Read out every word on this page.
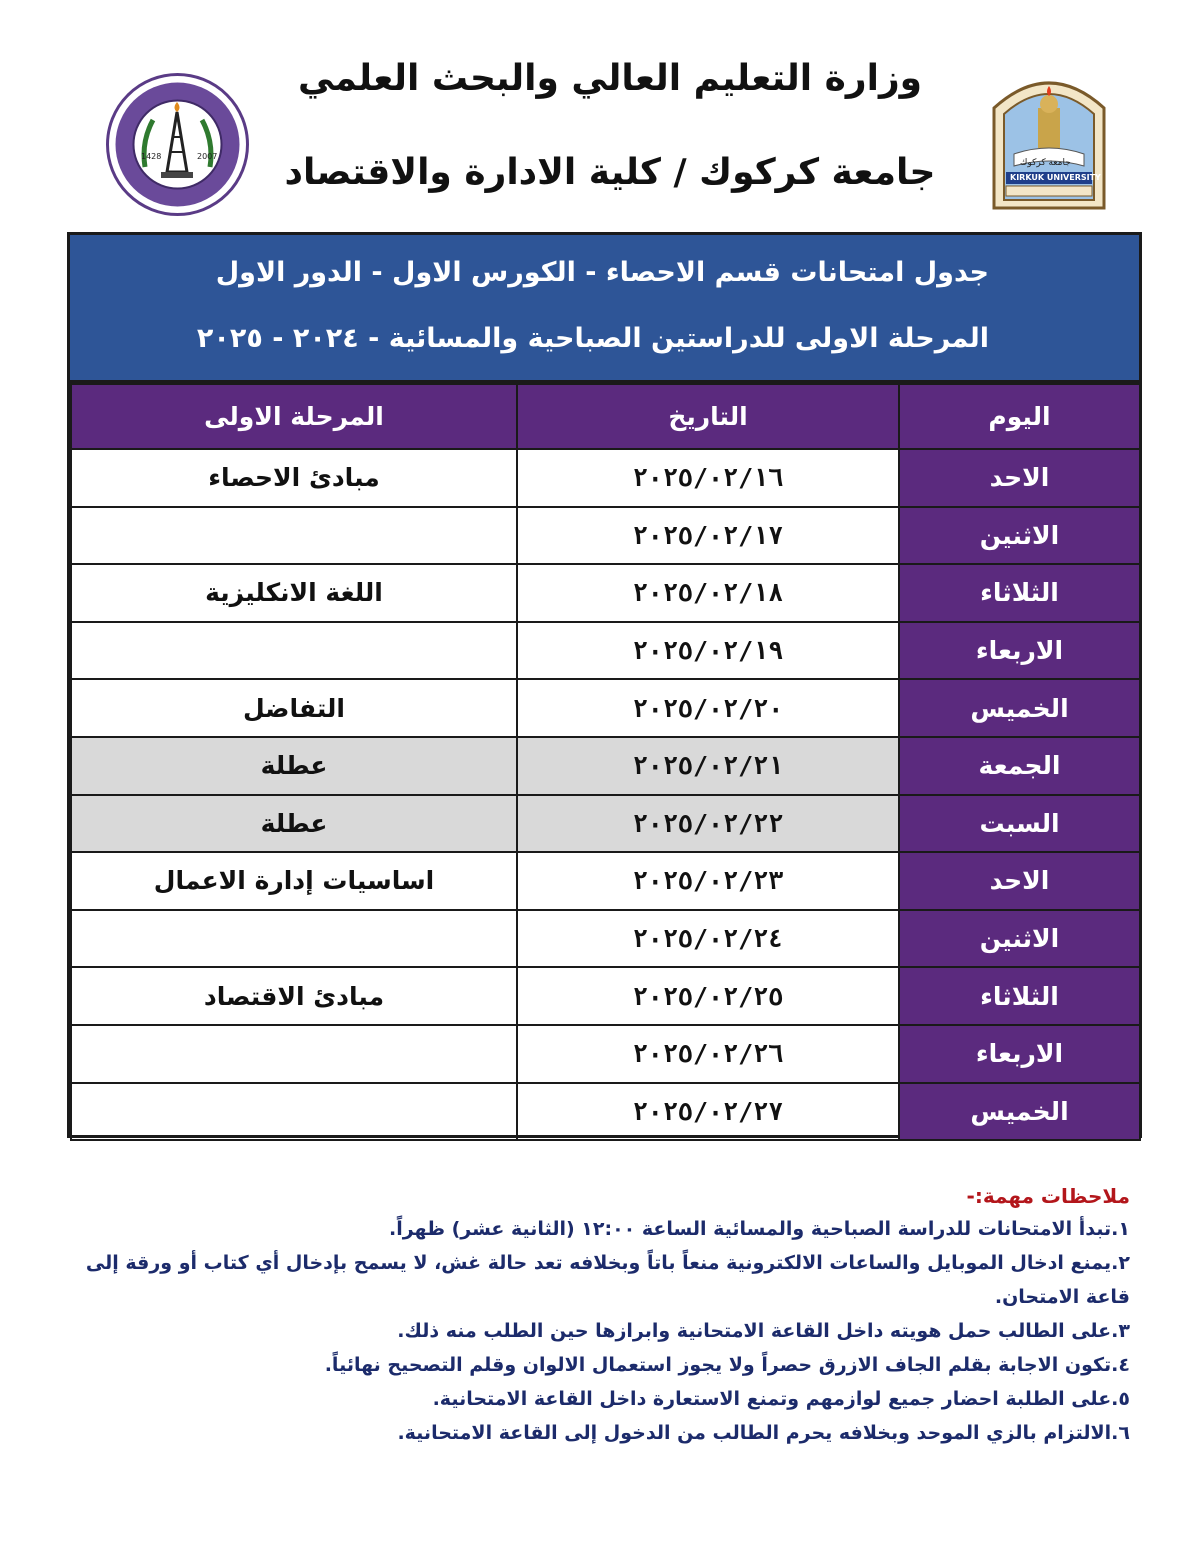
1428	2007
جامعة كركوك
KIRKUK UNIVERSITY
وزارة التعليم العالي والبحث العلمي
جامعة كركوك / كلية الادارة والاقتصاد
جدول امتحانات قسم الاحصاء - الكورس الاول - الدور الاول
المرحلة الاولى للدراستين الصباحية والمسائية - ٢٠٢٤ - ٢٠٢٥
المرحلة الاولى	التاريخ	اليوم
مبادئ الاحصاء	٢٠٢٥/٠٢/١٦	الاحد
	٢٠٢٥/٠٢/١٧	الاثنين
اللغة الانكليزية	٢٠٢٥/٠٢/١٨	الثلاثاء
	٢٠٢٥/٠٢/١٩	الاربعاء
التفاضل	٢٠٢٥/٠٢/٢٠	الخميس
عطلة	٢٠٢٥/٠٢/٢١	الجمعة
عطلة	٢٠٢٥/٠٢/٢٢	السبت
اساسيات إدارة الاعمال	٢٠٢٥/٠٢/٢٣	الاحد
	٢٠٢٥/٠٢/٢٤	الاثنين
مبادئ الاقتصاد	٢٠٢٥/٠٢/٢٥	الثلاثاء
	٢٠٢٥/٠٢/٢٦	الاربعاء
	٢٠٢٥/٠٢/٢٧	الخميس
ملاحظات مهمة:-
١.تبدأ الامتحانات للدراسة الصباحية والمسائية الساعة ١٢:٠٠ (الثانية عشر) ظهراً.
٢.يمنع ادخال الموبايل والساعات الالكترونية منعاً باتاً وبخلافه تعد حالة غش، لا يسمح بإدخال أي كتاب أو ورقة إلى قاعة الامتحان.
٣.على الطالب حمل هويته داخل القاعة الامتحانية وابرازها حين الطلب منه ذلك.
٤.تكون الاجابة بقلم الجاف الازرق حصراً ولا يجوز استعمال الالوان وقلم التصحيح نهائياً.
٥.على الطلبة احضار جميع لوازمهم وتمنع الاستعارة داخل القاعة الامتحانية.
٦.الالتزام بالزي الموحد وبخلافه يحرم الطالب من الدخول إلى القاعة الامتحانية.
